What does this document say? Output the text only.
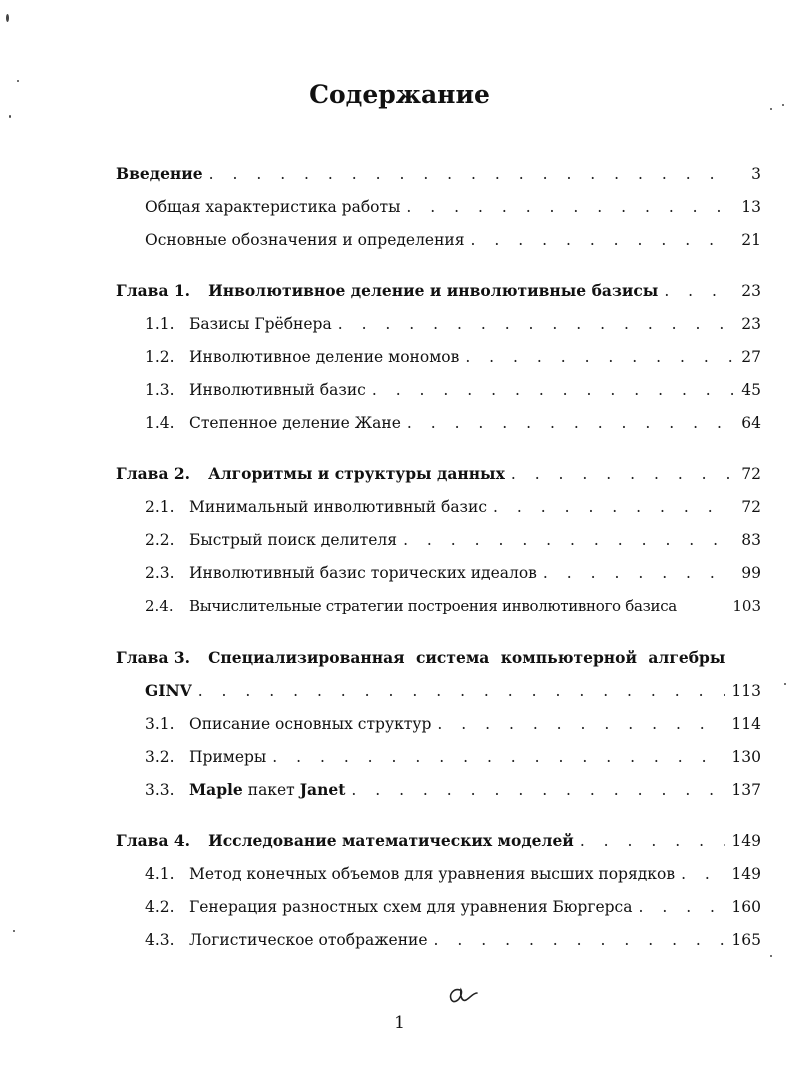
Содержание
Введение . . .	3
Общая характеристика работы . . .	13
Основные обозначения и определения . . .	21
Глава 1. Инволютивное деление и инволютивные базисы . . .	23
1.1. Базисы Грёбнера . . .	23
1.2. Инволютивное деление мономов . . .	27
1.3. Инволютивный базис . . .	45
1.4. Степенное деление Жане . . .	64
Глава 2. Алгоритмы и структуры данных . . .	72
2.1. Минимальный инволютивный базис . . .	72
2.2. Быстрый поиск делителя . . .	83
2.3. Инволютивный базис торических идеалов . . .	99
2.4.	Вычислительные стратегии построения инволютивного базиса	103
Глава 3. Специализированная система компьютерной алгебры
GINV . . .	113
3.1. Описание основных структур . . .	114
3.2. Примеры . . .	130
3.3. Maple пакет Janet . . .	137
Глава 4. Исследование математических моделей . . .	149
4.1. Метод конечных объемов для уравнения высших порядков . . .	149
4.2. Генерация разностных схем для уравнения Бюргерса . . .	160
4.3. Логистическое отображение . . .	165
1
